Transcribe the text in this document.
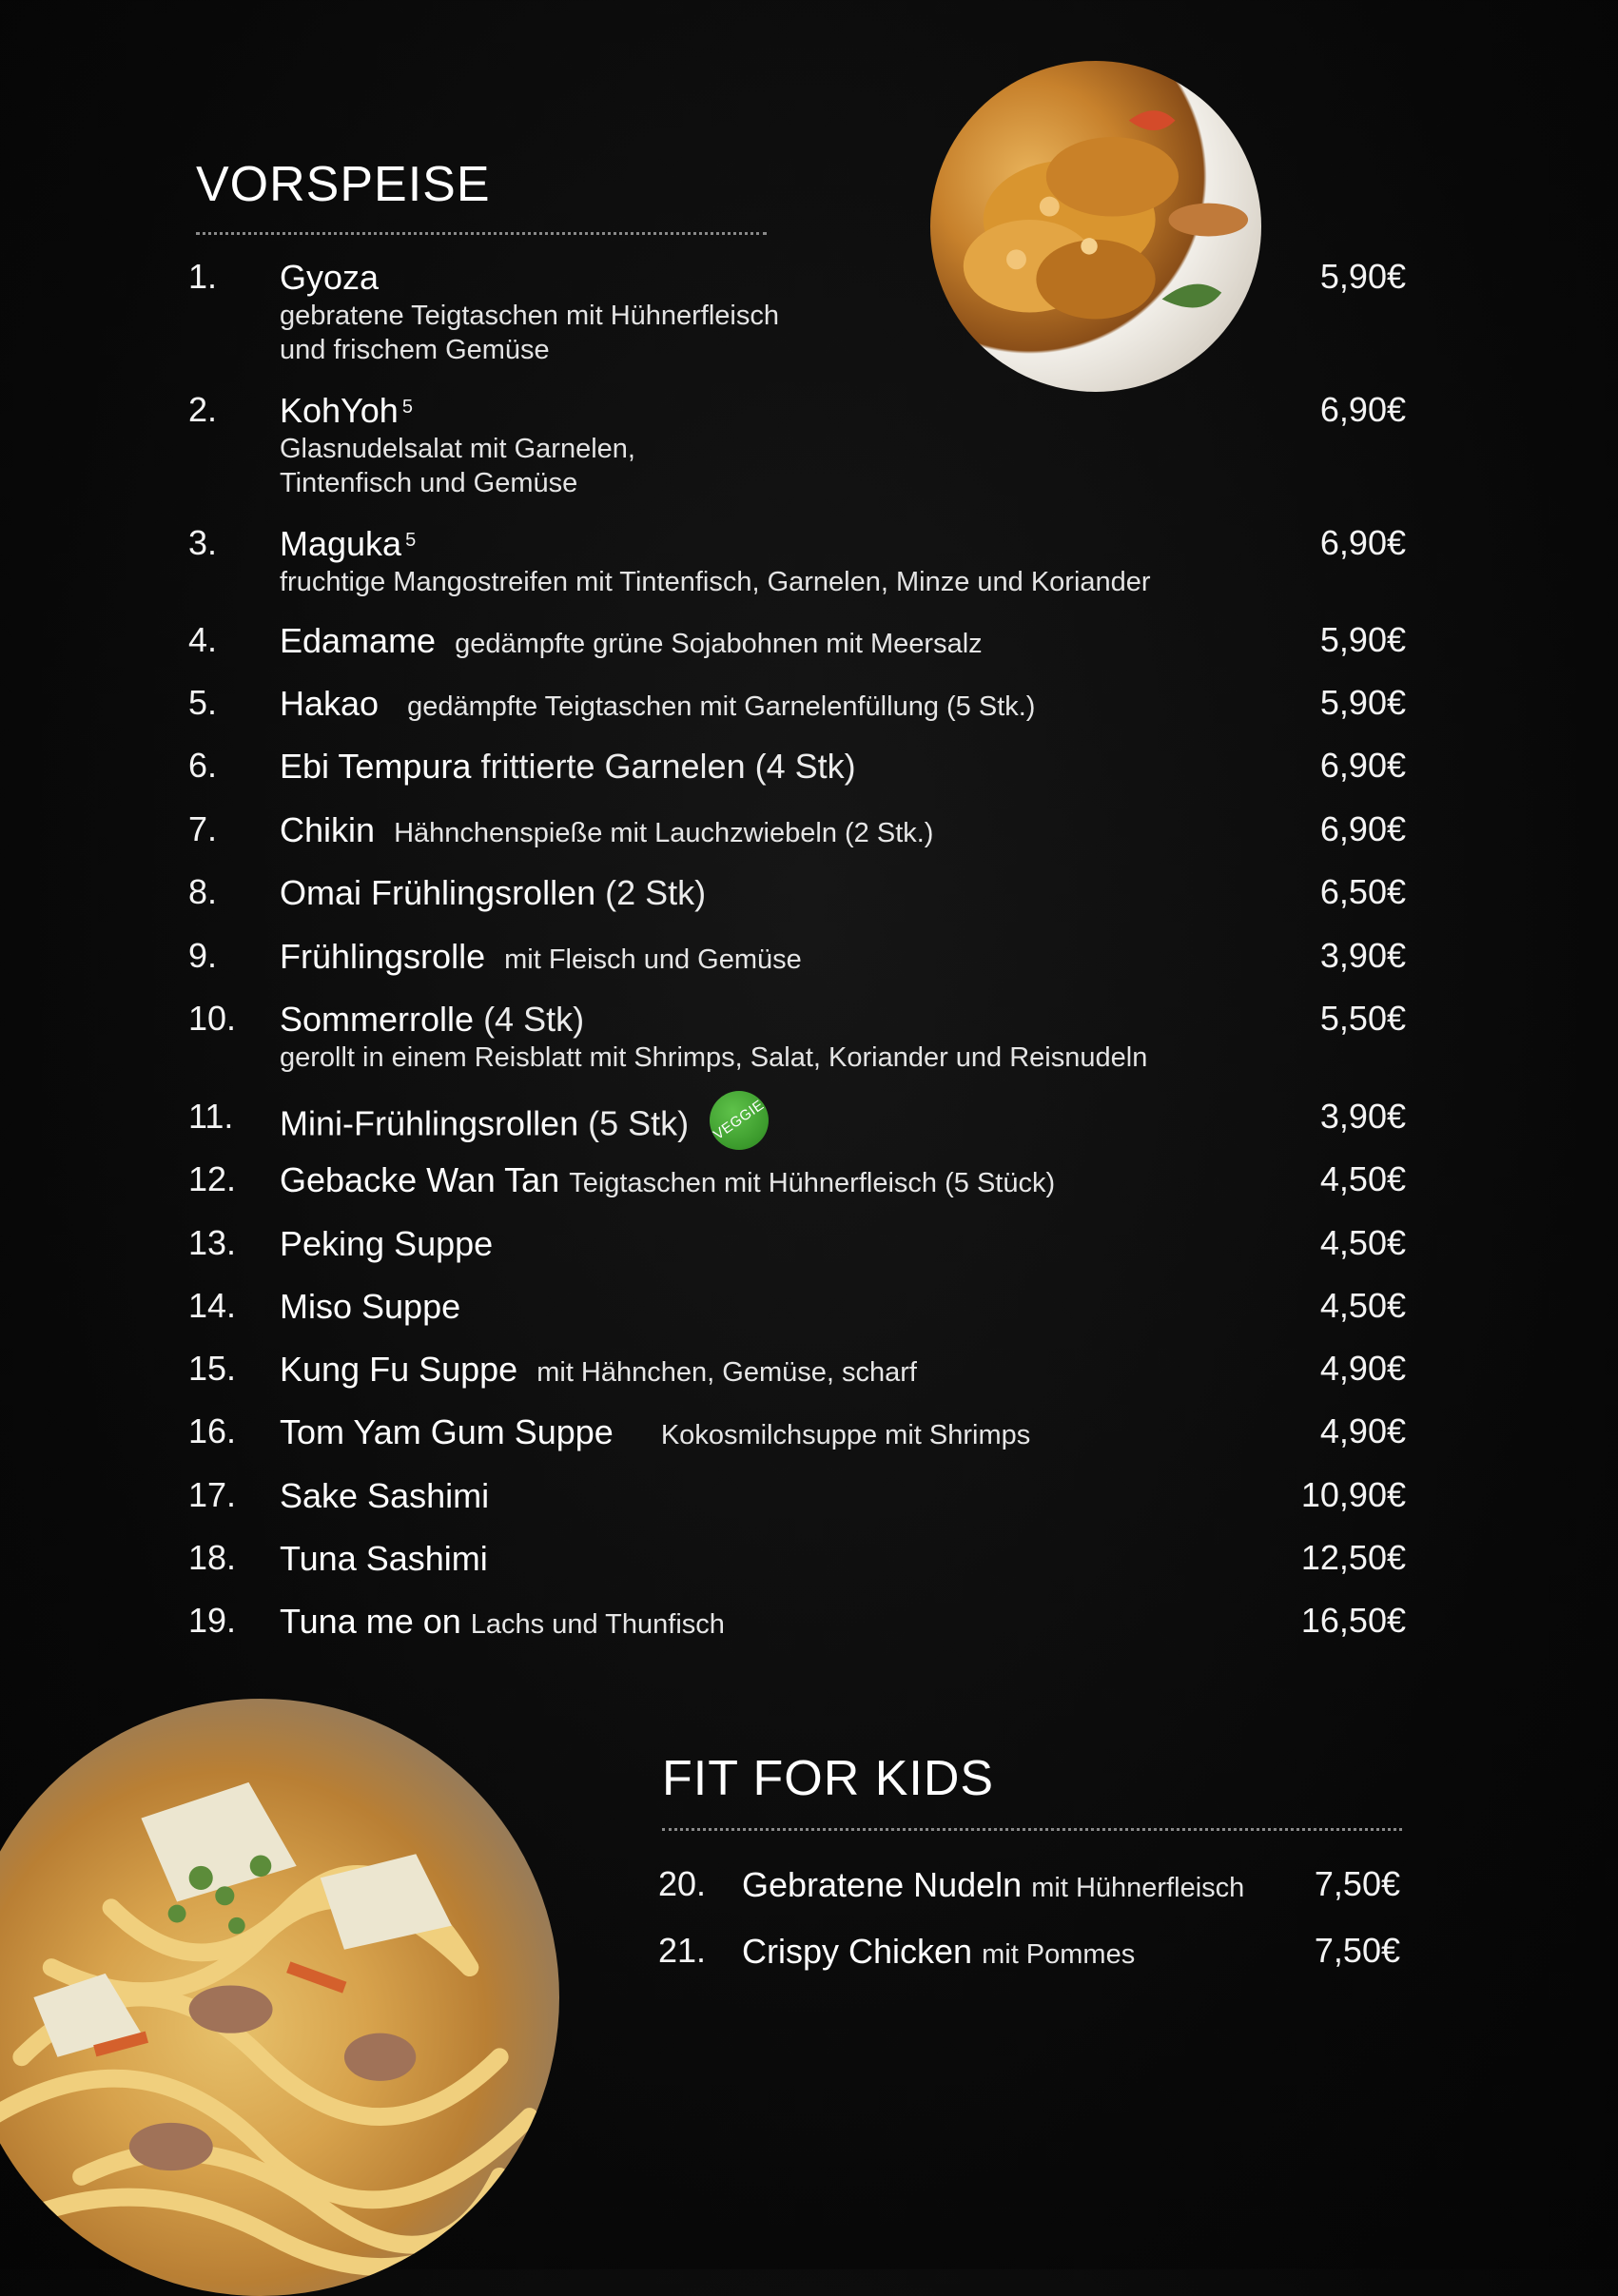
VORSPEISE
1. Gyoza
gebratene Teigtaschen mit Hühnerfleisch
und frischem Gemüse
5,90€
2. KohYoh $^5$
Glasnudelsalat mit Garnelen,
Tintenfisch und Gemüse
6,90€
3. Maguka $^5$
fruchtige Mangostreifen mit Tintenfisch, Garnelen, Minze und Koriander
6,90€
4. Edamame gedämpfte grüne Sojabohnen mit Meersalz	5,90€
5. Hakao gedämpfte Teigtaschen mit Garnelenfüllung (5 Stk.)	5,90€
6. Ebi Tempura frittierte Garnelen (4 Stk)	6,90€
7. Chikin Hähnchenspieße mit Lauchzwiebeln (2 Stk.)	6,90€
8. Omai Frühlingsrollen (2 Stk)	6,50€
9. Frühlingsrolle mit Fleisch und Gemüse	3,90€
10. Sommerrolle (4 Stk)
gerollt in einem Reisblatt mit Shrimps, Salat, Koriander und Reisnudeln
5,50€
11. Mini-Frühlingsrollen (5 Stk)	VEGGIE	3,90€
12. Gebacke Wan Tan Teigtaschen mit Hühnerfleisch (5 Stück)	4,50€
13. Peking Suppe	4,50€
14. Miso Suppe	4,50€
15. Kung Fu Suppe mit Hähnchen, Gemüse, scharf	4,90€
16. Tom Yam Gum Suppe Kokosmilchsuppe mit Shrimps	4,90€
17. Sake Sashimi	10,90€
18. Tuna Sashimi	12,50€
19. Tuna me on Lachs und Thunfisch	16,50€
FIT FOR KIDS
20. Gebratene Nudeln mit Hühnerfleisch	7,50€
21. Crispy Chicken mit Pommes	7,50€
